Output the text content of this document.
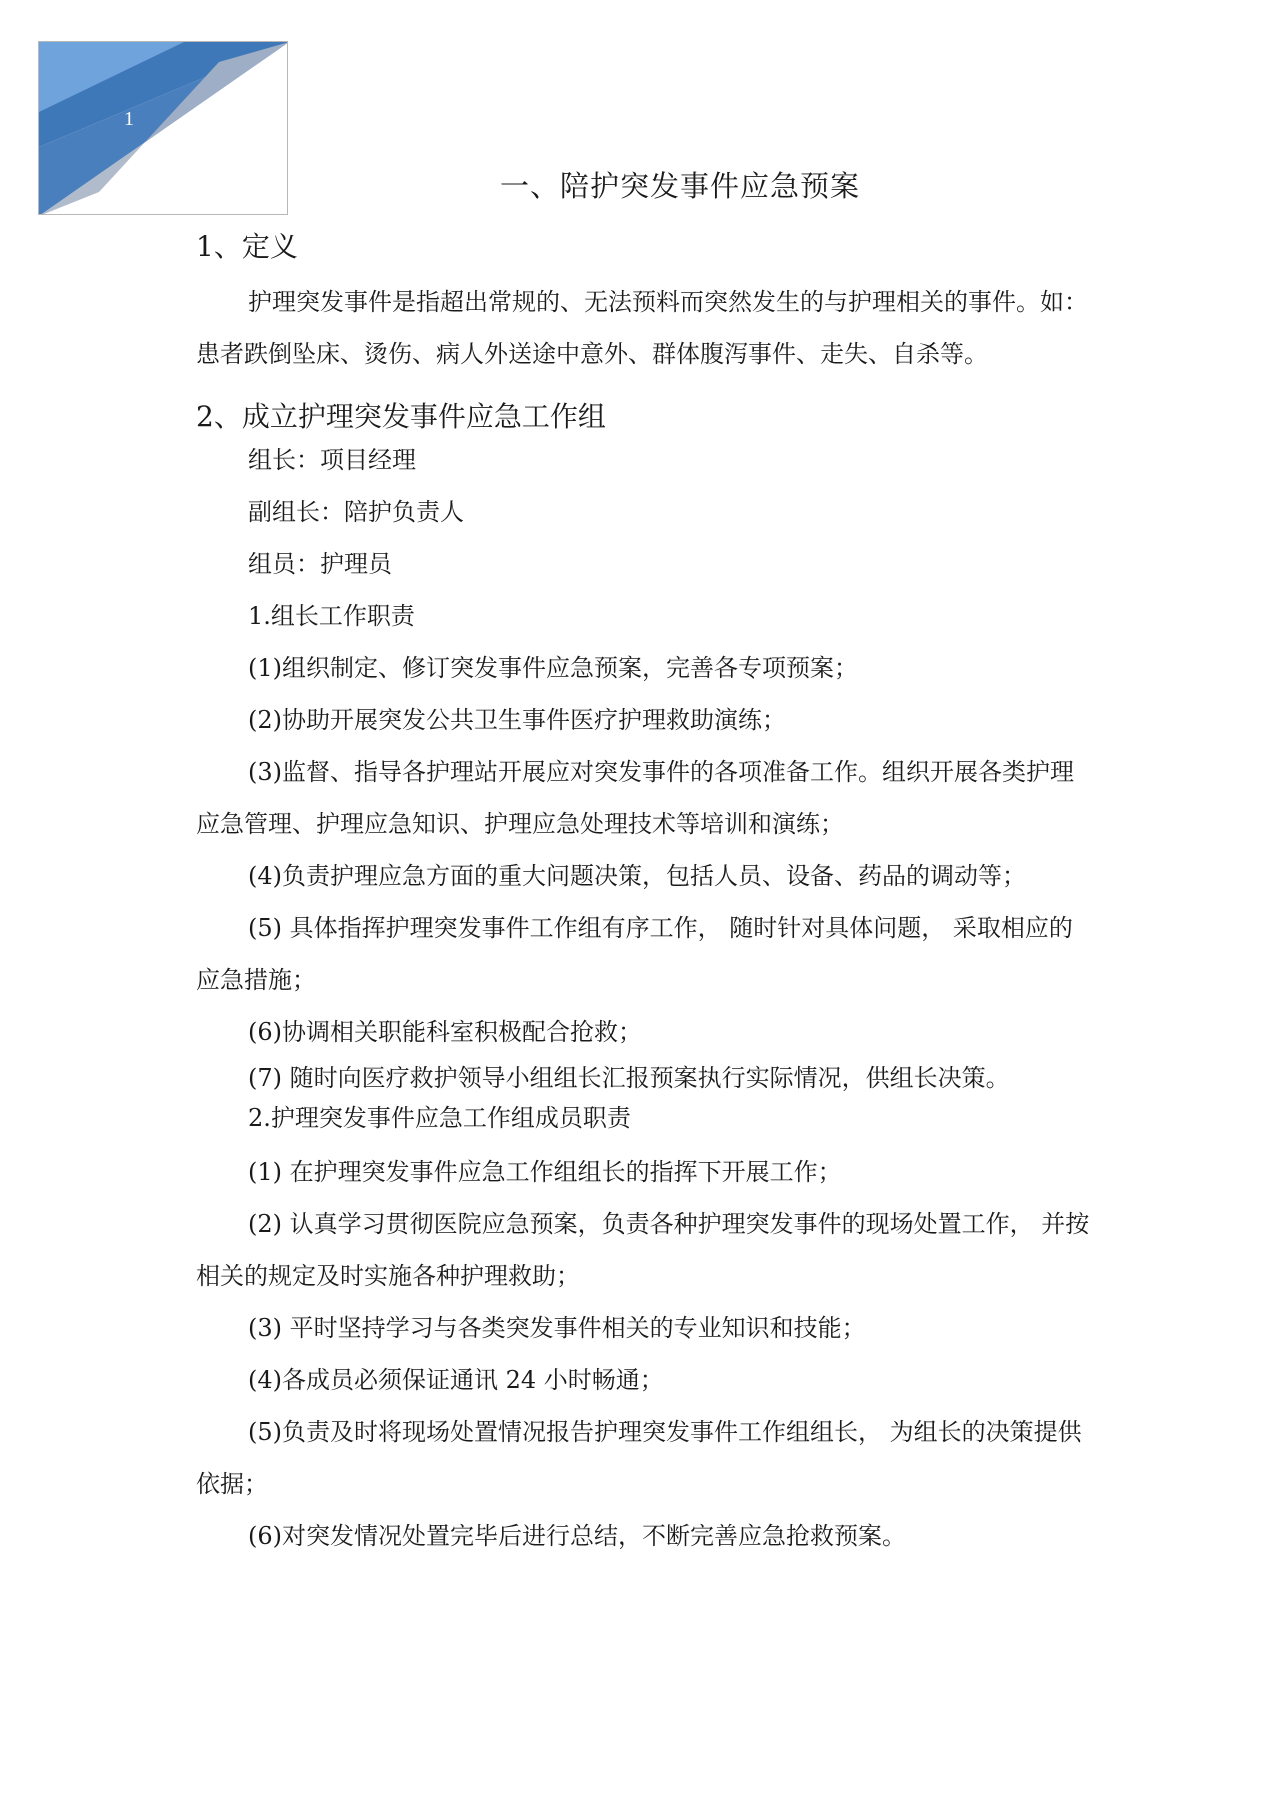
1
一、陪护突发事件应急预案

1、定义

护理突发事件是指超出常规的、无法预料而突然发生的与护理相关的事件。如：患者跌倒坠床、烫伤、病人外送途中意外、群体腹泻事件、走失、自杀等。

2、成立护理突发事件应急工作组

组长：项目经理

副组长：陪护负责人

组员：护理员

1.组长工作职责

(1)组织制定、修订突发事件应急预案，完善各专项预案；

(2)协助开展突发公共卫生事件医疗护理救助演练；

(3)监督、指导各护理站开展应对突发事件的各项准备工作。组织开展各类护理应急管理、护理应急知识、护理应急处理技术等培训和演练；

(4)负责护理应急方面的重大问题决策，包括人员、设备、药品的调动等；

(5) 具体指挥护理突发事件工作组有序工作， 随时针对具体问题， 采取相应的应急措施；

(6)协调相关职能科室积极配合抢救；

(7) 随时向医疗救护领导小组组长汇报预案执行实际情况，供组长决策。

2.护理突发事件应急工作组成员职责

(1) 在护理突发事件应急工作组组长的指挥下开展工作；

(2) 认真学习贯彻医院应急预案，负责各种护理突发事件的现场处置工作， 并按相关的规定及时实施各种护理救助；

(3) 平时坚持学习与各类突发事件相关的专业知识和技能；

(4)各成员必须保证通讯 24 小时畅通；

(5)负责及时将现场处置情况报告护理突发事件工作组组长， 为组长的决策提供依据；

(6)对突发情况处置完毕后进行总结，不断完善应急抢救预案。
